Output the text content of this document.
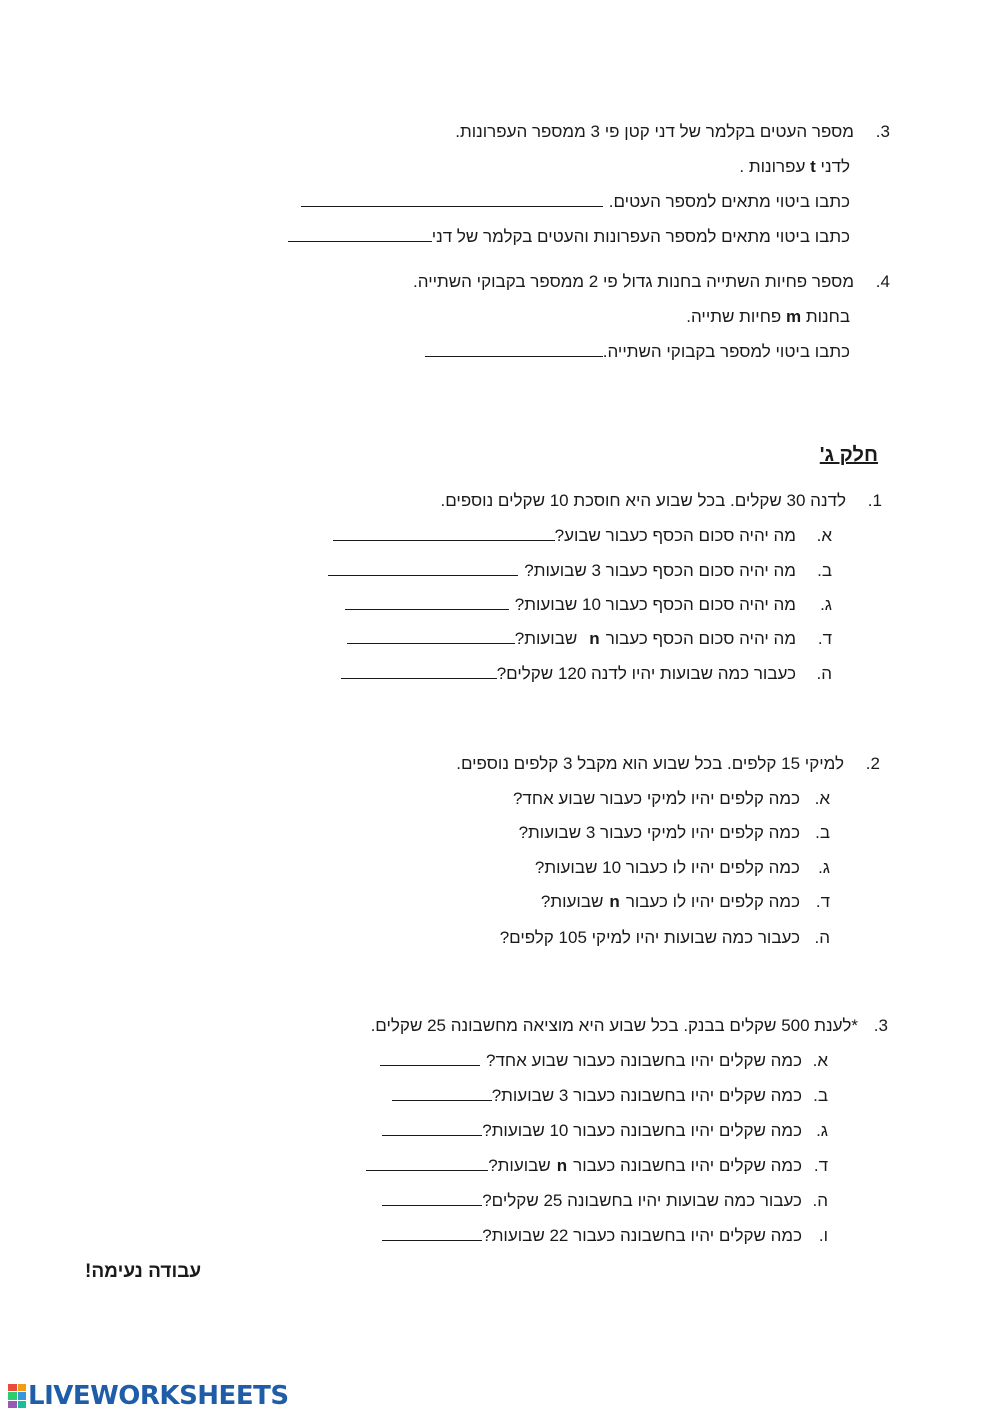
3.מספר העטים בקלמר של דני קטן פי 3 ממספר העפרונות.
לדני t עפרונות .
כתבו ביטוי מתאים למספר העטים.
כתבו ביטוי מתאים למספר העפרונות והעטים בקלמר של דני
4.מספר פחיות השתייה בחנות גדול פי 2 ממספר בקבוקי השתייה.
בחנות m פחיות שתייה.
כתבו ביטוי למספר בקבוקי השתייה.
חלק ג'
1.לדנה 30 שקלים. בכל שבוע היא חוסכת 10 שקלים נוספים.
א.מה יהיה סכום הכסף כעבור שבוע?
ב.מה יהיה סכום הכסף כעבור 3 שבועות?
ג.מה יהיה סכום הכסף כעבור 10 שבועות?
ד.מה יהיה סכום הכסף כעבורnשבועות?
ה.כעבור כמה שבועות יהיו לדנה 120 שקלים?
2.למיקי 15 קלפים. בכל שבוע הוא מקבל 3 קלפים נוספים.
א.כמה קלפים יהיו למיקי כעבור שבוע אחד?
ב.כמה קלפים יהיו למיקי כעבור 3 שבועות?
ג.כמה קלפים יהיו לו כעבור 10 שבועות?
ד.כמה קלפים יהיו לו כעבורnשבועות?
ה.כעבור כמה שבועות יהיו למיקי 105 קלפים?
3.*לענת 500 שקלים בבנק. בכל שבוע היא מוציאה מחשבונה 25 שקלים.
א.כמה שקלים יהיו בחשבונה כעבור שבוע אחד?
ב.כמה שקלים יהיו בחשבונה כעבור 3 שבועות?
ג.כמה שקלים יהיו בחשבונה כעבור 10 שבועות?
ד.כמה שקלים יהיו בחשבונה כעבורnשבועות?
ה.כעבור כמה שבועות יהיו בחשבונה 25 שקלים?
ו.כמה שקלים יהיו בחשבונה כעבור 22 שבועות?
עבודה נעימה!
LIVEWORKSHEETS
